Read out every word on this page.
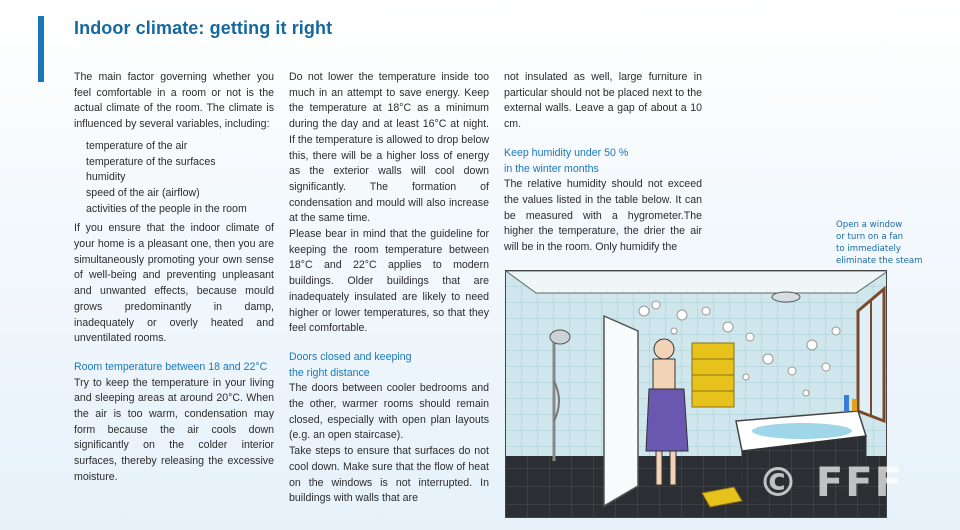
Indoor climate: getting it right

The main factor governing whether you feel comfortable in a room or not is the actual climate of the room. The climate is influenced by several variables, including:

temperature of the air
temperature of the surfaces
humidity
speed of the air (airflow)
activities of the people in the room

If you ensure that the indoor climate of your home is a pleasant one, then you are simultaneously promoting your own sense of well-being and preventing unpleasant and unwanted effects, because mould grows predominantly in damp, inadequately or overly heated and unventilated rooms.

Room temperature between 18 and 22°C

Try to keep the temperature in your living and sleeping areas at around 20°C. When the air is too warm, condensation may form because the air cools down significantly on the colder interior surfaces, thereby releasing the excessive moisture.

Do not lower the temperature inside too much in an attempt to save energy. Keep the temperature at 18°C as a minimum during the day and at least 16°C at night. If the temperature is allowed to drop below this, there will be a higher loss of energy as the exterior walls will cool down significantly. The formation of condensation and mould will also increase at the same time.

Please bear in mind that the guideline for keeping the room temperature between 18°C and 22°C applies to modern buildings. Older buildings that are inadequately insulated are likely to need higher or lower temperatures, so that they feel comfortable.

Doors closed and keeping
the right distance

The doors between cooler bedrooms and the other, warmer rooms should remain closed, especially with open plan layouts (e.g. an open staircase).

Take steps to ensure that surfaces do not cool down. Make sure that the flow of heat on the windows is not interrupted. In buildings with walls that are

not insulated as well, large furniture in particular should not be placed next to the external walls. Leave a gap of about a 10 cm.

Keep humidity under 50 %
in the winter months

The relative humidity should not exceed the values listed in the table below. It can be measured with a hygrometer.The higher the temperature, the drier the air will be in the room. Only humidify the

Open a window
or turn on a fan
to immediately
eliminate the steam
© FFF
